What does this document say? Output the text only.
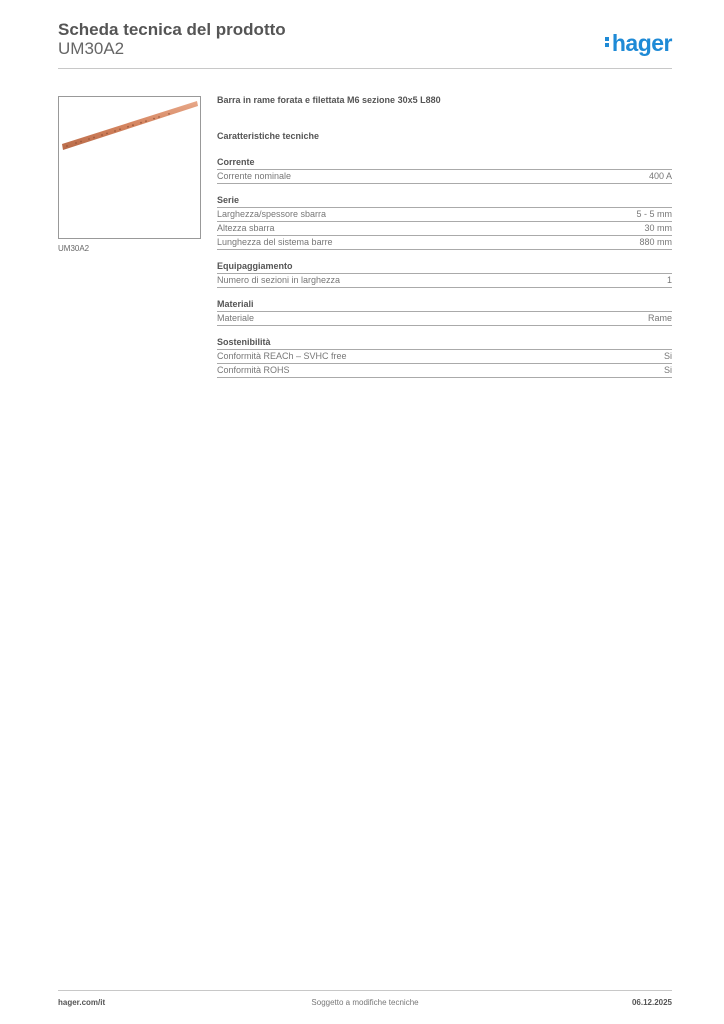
Scheda tecnica del prodotto
UM30A2	hager
UM30A2
Barra in rame forata e filettata M6 sezione 30x5 L880
Caratteristiche tecniche
Corrente
Corrente nominale	400 A
Serie
Larghezza/spessore sbarra	5 - 5 mm
Altezza sbarra	30 mm
Lunghezza del sistema barre	880 mm
Equipaggiamento
Numero di sezioni in larghezza	1
Materiali
Materiale	Rame
Sostenibilità
Conformità REACh – SVHC free	Si
Conformità ROHS	Si
hager.com/it	Soggetto a modifiche tecniche	06.12.2025
